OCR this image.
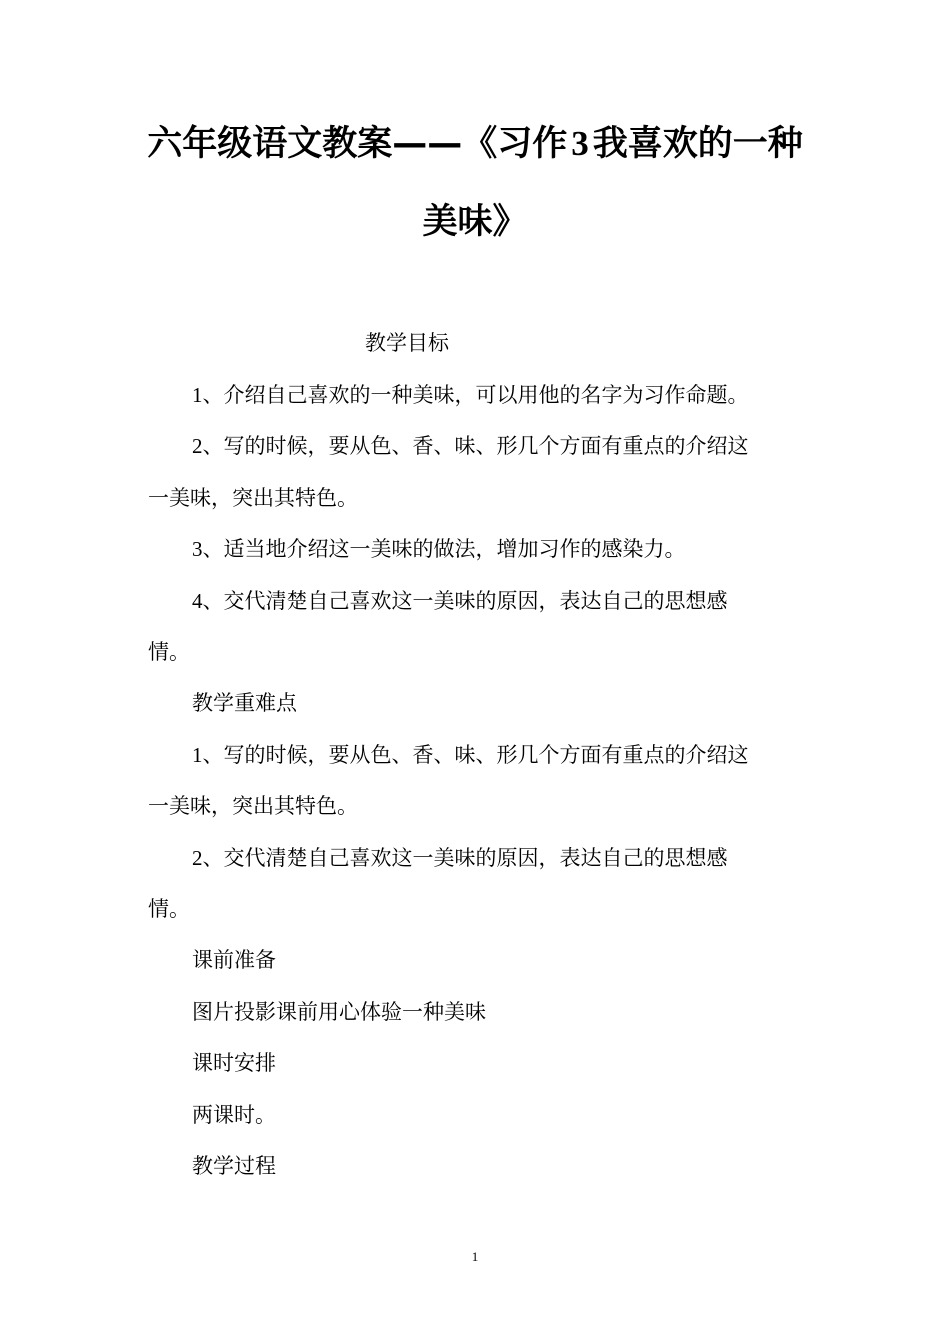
六年级语文教案——《习作 3 我喜欢的一种
美味》
教学目标
1、介绍自己喜欢的一种美味，可以用他的名字为习作命题。
2、写的时候，要从色、香、味、形几个方面有重点的介绍这
一美味，突出其特色。
3、适当地介绍这一美味的做法，增加习作的感染力。
4、交代清楚自己喜欢这一美味的原因，表达自己的思想感
情。
教学重难点
1、写的时候，要从色、香、味、形几个方面有重点的介绍这
一美味，突出其特色。
2、交代清楚自己喜欢这一美味的原因，表达自己的思想感
情。
课前准备
图片投影课前用心体验一种美味
课时安排
两课时。
教学过程
1
